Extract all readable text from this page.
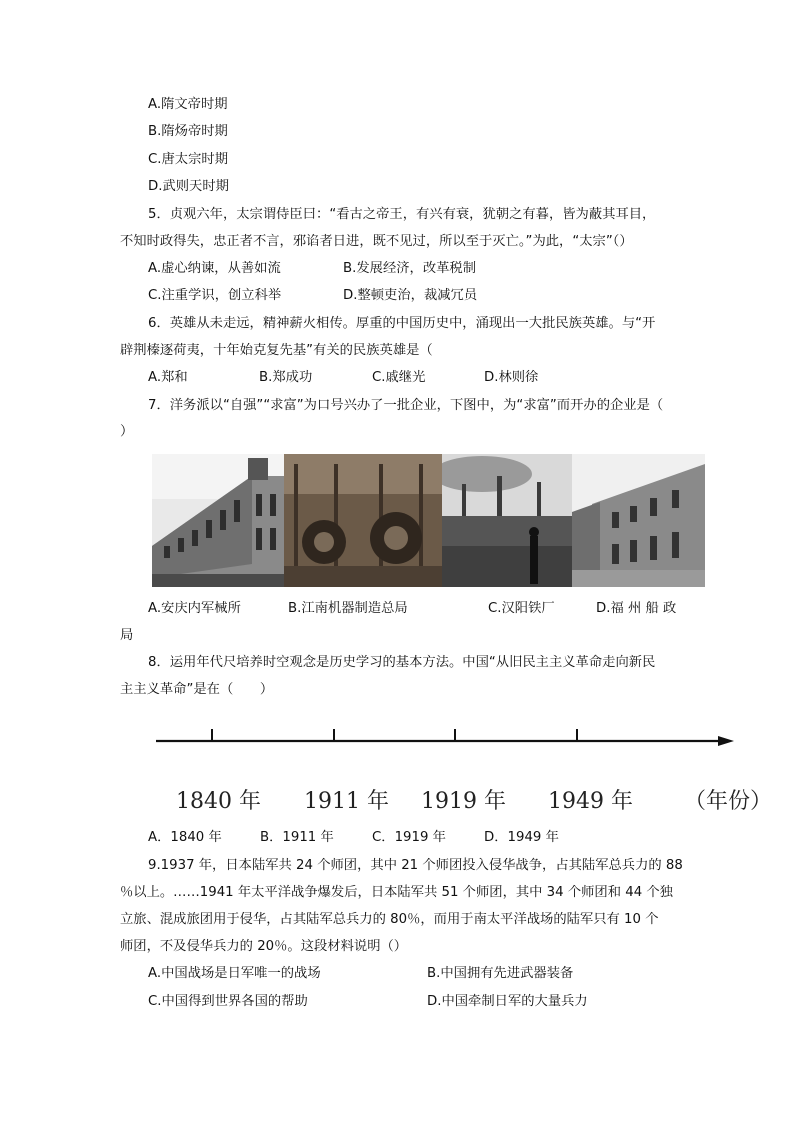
A.隋文帝时期
B.隋炀帝时期
C.唐太宗时期
D.武则天时期
5．贞观六年，太宗谓侍臣曰：“看古之帝王，有兴有衰，犹朝之有暮，皆为蔽其耳目，
不知时政得失，忠正者不言，邪谄者日进，既不见过，所以至于灭亡。”为此，“太宗”（）
A.虚心纳谏，从善如流	B.发展经济，改革税制
C.注重学识，创立科举	D.整顿吏治，裁减冗员
6．英雄从未走远，精神薪火相传。厚重的中国历史中，涌现出一大批民族英雄。与“开
辟荆榛逐荷夷，十年始克复先基”有关的民族英雄是（
A.郑和	B.郑成功	C.戚继光	D.林则徐
7．洋务派以“自强”“求富”为口号兴办了一批企业，下图中，为“求富”而开办的企业是（
）
A.安庆内军械所	B.江南机器制造总局	C.汉阳铁厂	D.福 州 船 政
局
8．运用年代尺培养时空观念是历史学习的基本方法。中国“从旧民主主义革命走向新民
主主义革命”是在（　　）
1840 年 1911 年 1919 年 1949 年 （年份）
A．1840 年	B．1911 年	C．1919 年	D．1949 年
9.1937 年，日本陆军共 24 个师团，其中 21 个师团投入侵华战争，占其陆军总兵力的 88
％以上。……1941 年太平洋战争爆发后，日本陆军共 51 个师团，其中 34 个师团和 44 个独
立旅、混成旅团用于侵华，占其陆军总兵力的 80％，而用于南太平洋战场的陆军只有 10 个
师团，不及侵华兵力的 20％。这段材料说明（）
A.中国战场是日军唯一的战场	B.中国拥有先进武器装备
C.中国得到世界各国的帮助	D.中国牵制日军的大量兵力
